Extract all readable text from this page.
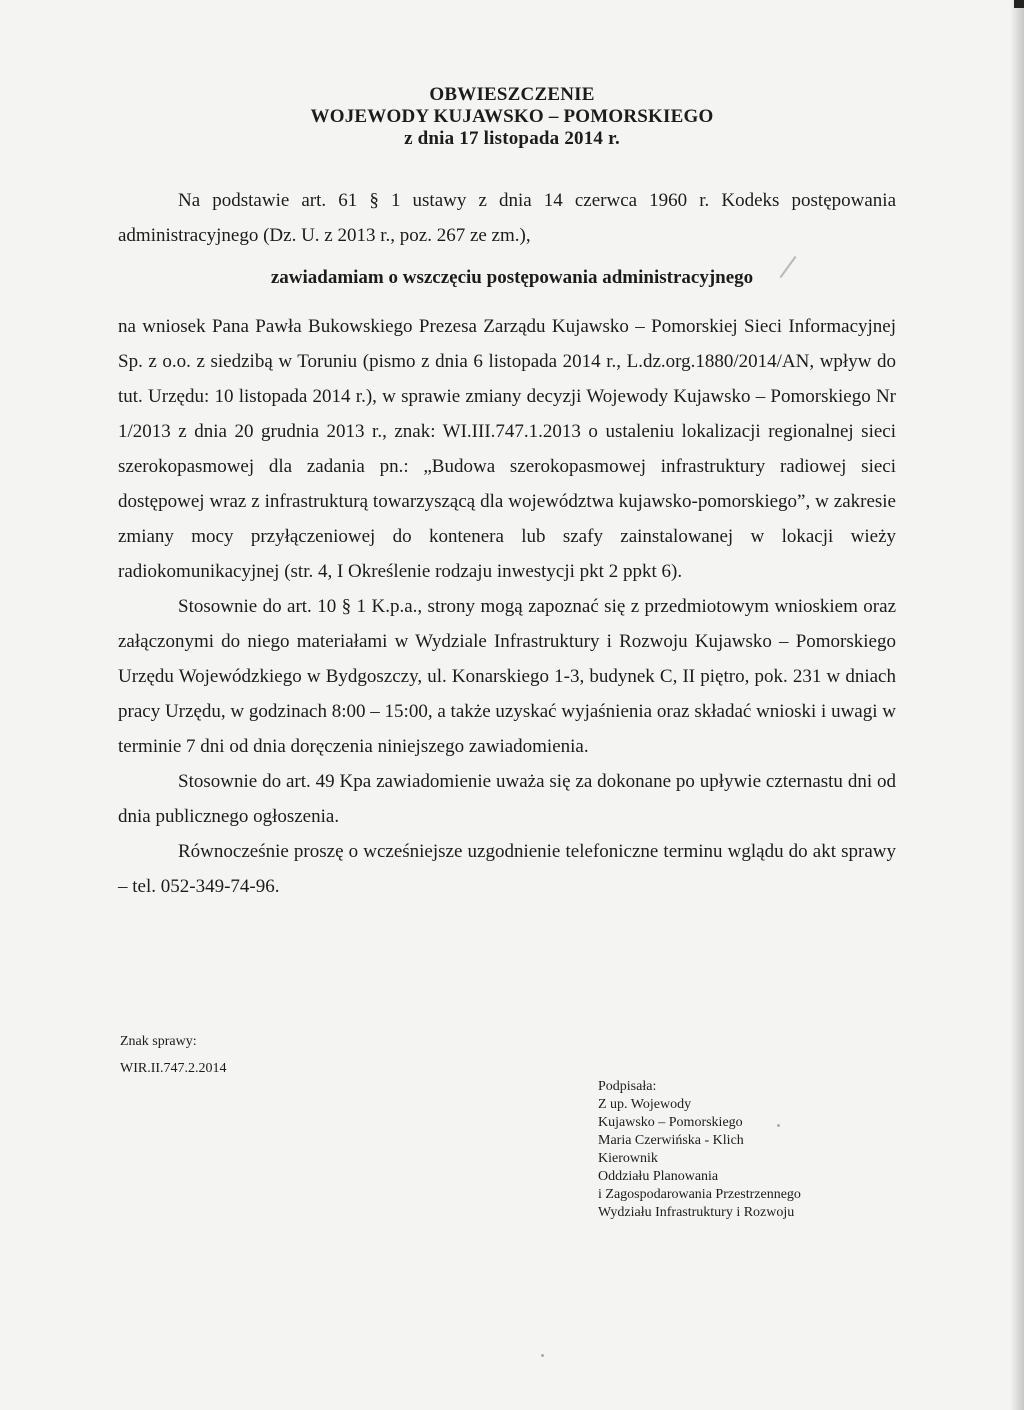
OBWIESZCZENIE
WOJEWODY KUJAWSKO – POMORSKIEGO
z dnia 17 listopada 2014 r.

Na podstawie art. 61 § 1 ustawy z dnia 14 czerwca 1960 r. Kodeks postępowania administracyjnego (Dz. U. z 2013 r., poz. 267 ze zm.),

zawiadamiam o wszczęciu postępowania administracyjnego

na wniosek Pana Pawła Bukowskiego Prezesa Zarządu Kujawsko – Pomorskiej Sieci Informacyjnej Sp. z o.o. z siedzibą w Toruniu (pismo z dnia 6 listopada 2014 r., L.dz.org.1880/2014/AN, wpływ do tut. Urzędu: 10 listopada 2014 r.), w sprawie zmiany decyzji Wojewody Kujawsko – Pomorskiego Nr 1/2013 z dnia 20 grudnia 2013 r., znak: WI.III.747.1.2013 o ustaleniu lokalizacji regionalnej sieci szerokopasmowej dla zadania pn.: „Budowa szerokopasmowej infrastruktury radiowej sieci dostępowej wraz z infrastrukturą towarzyszącą dla województwa kujawsko-pomorskiego”, w zakresie zmiany mocy przyłączeniowej do kontenera lub szafy zainstalowanej w lokacji wieży radiokomunikacyjnej (str. 4, I Określenie rodzaju inwestycji pkt 2 ppkt 6).

Stosownie do art. 10 § 1 K.p.a., strony mogą zapoznać się z przedmiotowym wnioskiem oraz załączonymi do niego materiałami w Wydziale Infrastruktury i Rozwoju Kujawsko – Pomorskiego Urzędu Wojewódzkiego w Bydgoszczy, ul. Konarskiego 1-3, budynek C, II piętro, pok. 231 w dniach pracy Urzędu, w godzinach 8:00 – 15:00, a także uzyskać wyjaśnienia oraz składać wnioski i uwagi w terminie 7 dni od dnia doręczenia niniejszego zawiadomienia.

Stosownie do art. 49 Kpa zawiadomienie uważa się za dokonane po upływie czternastu dni od dnia publicznego ogłoszenia.

Równocześnie proszę o wcześniejsze uzgodnienie telefoniczne terminu wglądu do akt sprawy – tel. 052-349-74-96.

Znak sprawy:
WIR.II.747.2.2014
Podpisała:
Z up. Wojewody
Kujawsko – Pomorskiego
Maria Czerwińska - Klich
Kierownik
Oddziału Planowania
i Zagospodarowania Przestrzennego
Wydziału Infrastruktury i Rozwoju
